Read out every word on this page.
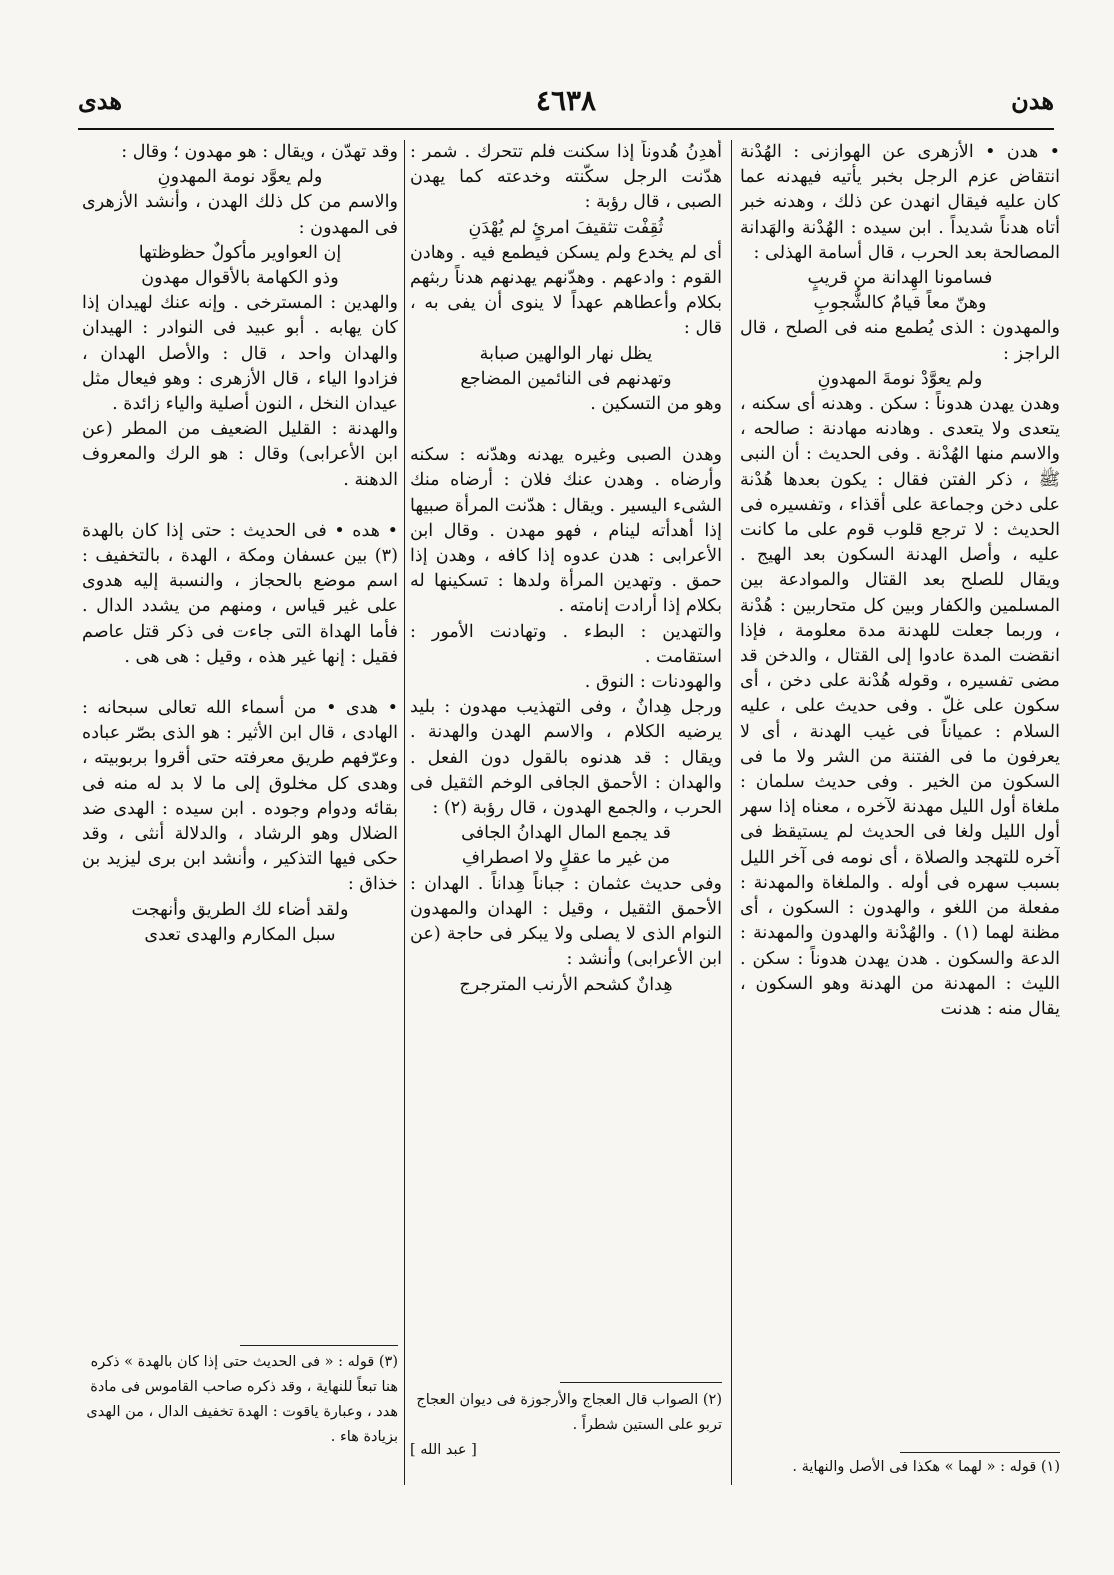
هدن
٤٦٣٨
هدى

• هدن • الأزهرى عن الهوازنى : الهُدْنة انتقاض عزم الرجل بخبر يأتيه فيهدنه عما كان عليه فيقال انهدن عن ذلك ، وهدنه خبر أتاه هدناً شديداً . ابن سيده : الهُدْنة والهَدانة المصالحة بعد الحرب ، قال أسامة الهذلى :

فسامونا الهِدانة من قريبٍ

وهنّ معاً قيامٌ كالشُّجوبِ

والمهدون : الذى يُطمع منه فى الصلح ، قال الراجز :

ولم يعوَّدْ نومةَ المهدونِ

وهدن يهدن هدوناً : سكن . وهدنه أى سكنه ، يتعدى ولا يتعدى . وهادنه مهادنة : صالحه ، والاسم منها الهُدْنة . وفى الحديث : أن النبى ﷺ ، ذكر الفتن فقال : يكون بعدها هُدْنة على دخن وجماعة على أقذاء ، وتفسيره فى الحديث : لا ترجع قلوب قوم على ما كانت عليه ، وأصل الهدنة السكون بعد الهيج . ويقال للصلح بعد القتال والموادعة بين المسلمين والكفار وبين كل متحاربين : هُدْنة ، وربما جعلت للهدنة مدة معلومة ، فإذا انقضت المدة عادوا إلى القتال ، والدخن قد مضى تفسيره ، وقوله هُدْنة على دخن ، أى سكون على غلّ . وفى حديث على ، عليه السلام : عمياناً فى غيب الهدنة ، أى لا يعرفون ما فى الفتنة من الشر ولا ما فى السكون من الخير . وفى حديث سلمان : ملغاة أول الليل مهدنة لآخره ، معناه إذا سهر أول الليل ولغا فى الحديث لم يستيقظ فى آخره للتهجد والصلاة ، أى نومه فى آخر الليل بسبب سهره فى أوله . والملغاة والمهدنة : مفعلة من اللغو ، والهدون : السكون ، أى مظنة لهما (١) . والهُدْنة والهدون والمهدنة : الدعة والسكون . هدن يهدن هدوناً : سكن . الليث : المهدنة من الهدنة وهو السكون ، يقال منه : هدنت

أهدِنُ هُدوناً إذا سكنت فلم تتحرك . شمر : هدّنت الرجل سكّنته وخدعته كما يهدن الصبى ، قال رؤبة :

ثُقِفْت تثقيفَ امرئٍ لم يُهْدَنِ

أى لم يخدع ولم يسكن فيطمع فيه . وهادن القوم : وادعهم . وهدّنهم يهدنهم هدناً ربثهم بكلام وأعطاهم عهداً لا ينوى أن يفى به ، قال :

يظل نهار الوالهين صبابة

وتهدنهم فى النائمين المضاجع

وهو من التسكين .

وهدن الصبى وغيره يهدنه وهدّنه : سكنه وأرضاه . وهدن عنك فلان : أرضاه منك الشىء اليسير . ويقال : هدّنت المرأة صبيها إذا أهدأته لينام ، فهو مهدن . وقال ابن الأعرابى : هدن عدوه إذا كافه ، وهدن إذا حمق . وتهدين المرأة ولدها : تسكينها له بكلام إذا أرادت إنامته .

والتهدين : البطء . وتهادنت الأمور : استقامت .

والهودنات : النوق .

ورجل هِدانٌ ، وفى التهذيب مهدون : بليد يرضيه الكلام ، والاسم الهدن والهدنة . ويقال : قد هدنوه بالقول دون الفعل . والهدان : الأحمق الجافى الوخم الثقيل فى الحرب ، والجمع الهدون ، قال رؤبة (٢) :

قد يجمع المال الهدانُ الجافى

من غير ما عقلٍ ولا اصطرافِ

وفى حديث عثمان : جباناً هِداناً . الهدان : الأحمق الثقيل ، وقيل : الهدان والمهدون النوام الذى لا يصلى ولا يبكر فى حاجة (عن ابن الأعرابى) وأنشد :

هِدانٌ كشحم الأرنب المترجرج

وقد تهدّن ، ويقال : هو مهدون ؛ وقال :

ولم يعوَّد نومة المهدونِ

والاسم من كل ذلك الهدن ، وأنشد الأزهرى فى المهدون :

إن العواوير مأكولٌ حظوظتها

وذو الكهامة بالأقوال مهدون

والهدين : المسترخى . وإنه عنك لهيدان إذا كان يهابه . أبو عبيد فى النوادر : الهيدان والهدان واحد ، قال : والأصل الهدان ، فزادوا الياء ، قال الأزهرى : وهو فيعال مثل عيدان النخل ، النون أصلية والياء زائدة .

والهدنة : القليل الضعيف من المطر (عن ابن الأعرابى) وقال : هو الرك والمعروف الدهنة .

• هده • فى الحديث : حتى إذا كان بالهدة (٣) بين عسفان ومكة ، الهدة ، بالتخفيف : اسم موضع بالحجاز ، والنسبة إليه هدوى على غير قياس ، ومنهم من يشدد الدال . فأما الهداة التى جاءت فى ذكر قتل عاصم فقيل : إنها غير هذه ، وقيل : هى هى .

• هدى • من أسماء الله تعالى سبحانه : الهادى ، قال ابن الأثير : هو الذى بصّر عباده وعرّفهم طريق معرفته حتى أقروا بربوبيته ، وهدى كل مخلوق إلى ما لا بد له منه فى بقائه ودوام وجوده . ابن سيده : الهدى ضد الضلال وهو الرشاد ، والدلالة أنثى ، وقد حكى فيها التذكير ، وأنشد ابن برى ليزيد بن خذاق :

ولقد أضاء لك الطريق وأنهجت

سبل المكارم والهدى تعدى

(١) قوله : « لهما » هكذا فى الأصل والنهاية .

(٢) الصواب قال العجاج والأرجوزة فى ديوان العجاج تربو على الستين شطراً .

[ عبد الله ]

(٣) قوله : « فى الحديث حتى إذا كان بالهدة » ذكره هنا تبعاً للنهاية ، وقد ذكره صاحب القاموس فى مادة هدد ، وعبارة ياقوت : الهدة تخفيف الدال ، من الهدى بزيادة هاء .
